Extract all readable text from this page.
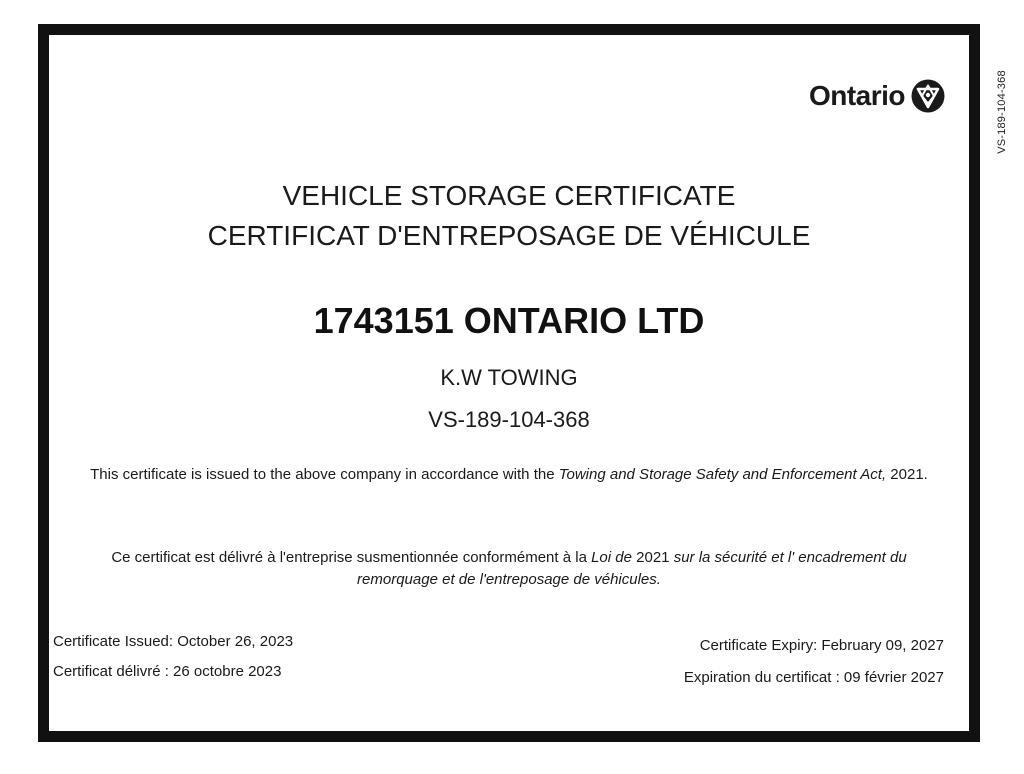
VS-189-104-368
Ontario
VEHICLE STORAGE CERTIFICATE
CERTIFICAT D'ENTREPOSAGE DE VÉHICULE
1743151 ONTARIO LTD
K.W TOWING
VS-189-104-368
This certificate is issued to the above company in accordance with the Towing and Storage Safety and Enforcement Act, 2021.
Ce certificat est délivré à l'entreprise susmentionnée conformément à la Loi de 2021 sur la sécurité et l' encadrement du remorquage et de l'entreposage de véhicules.
Certificate Issued: October 26, 2023
Certificat délivré : 26 octobre 2023
Certificate Expiry: February 09, 2027
Expiration du certificat : 09 février 2027
